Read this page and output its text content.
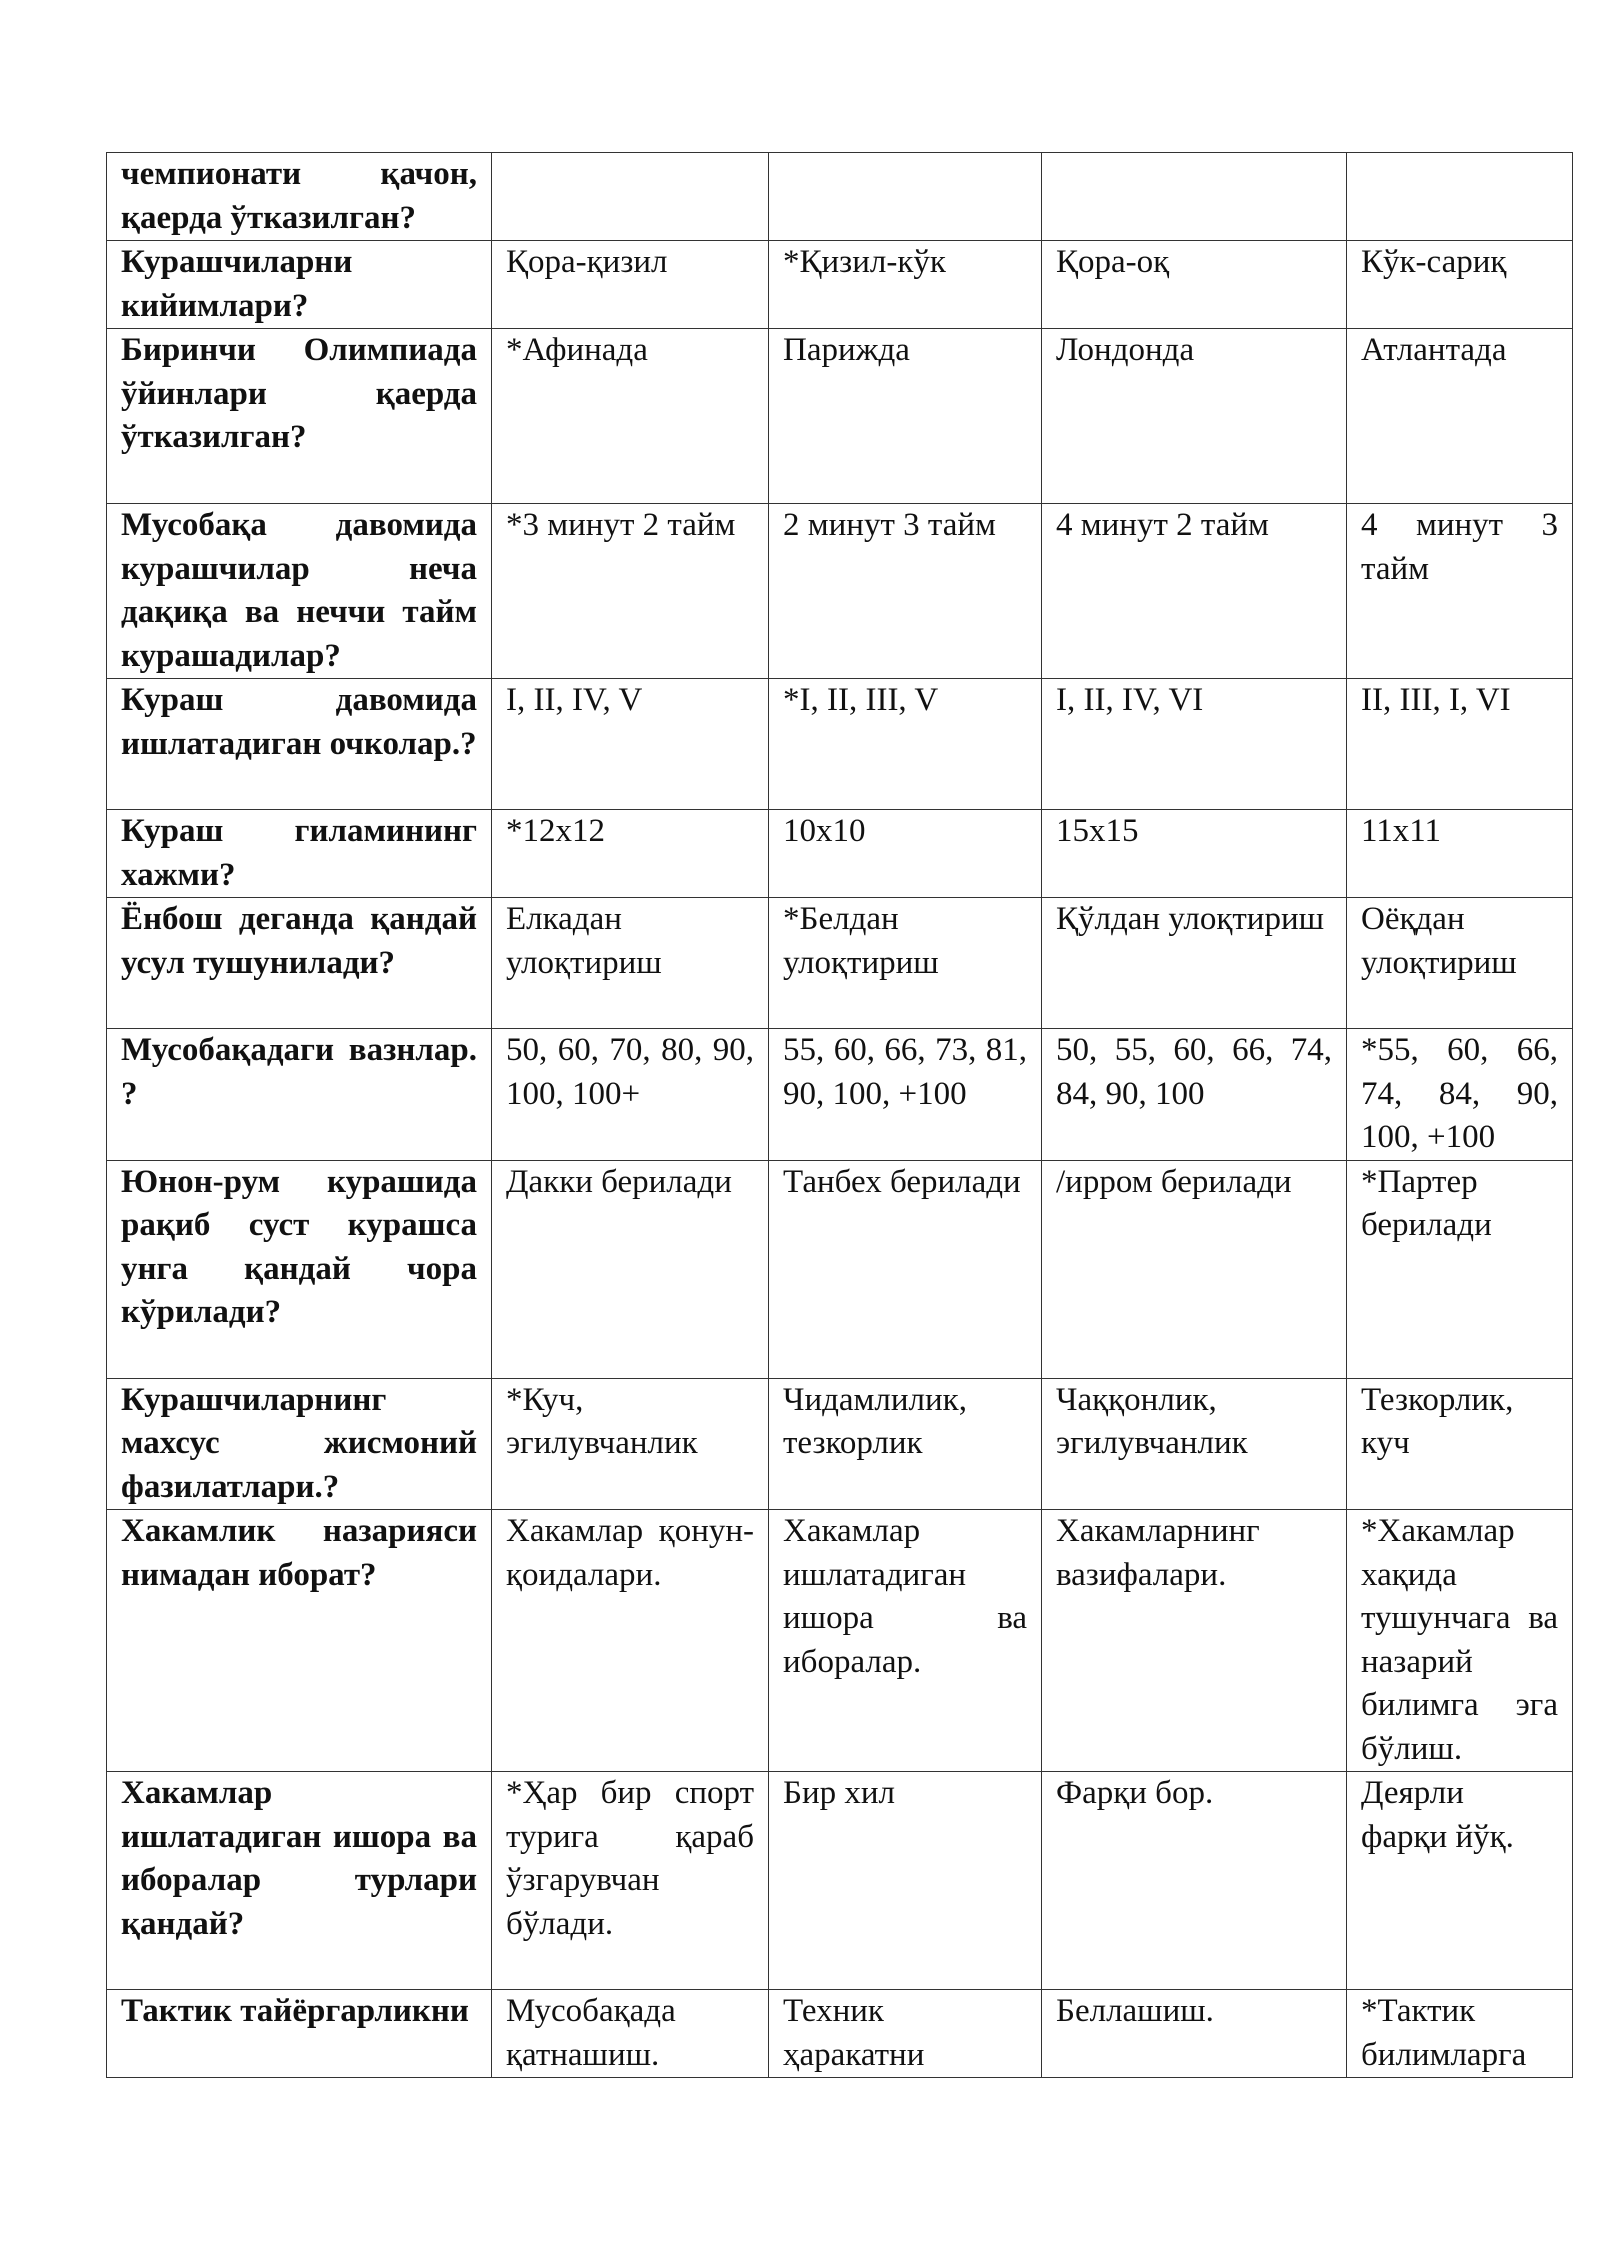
чемпионати қачон, қаерда ўтказилган?				
Курашчиларни кийимлари?	Қора-қизил	*Қизил-кўк	Қора-оқ	Кўк-сариқ
Биринчи Олимпиада ўйинлари қаерда ўтказилган?	*Афинада	Парижда	Лондонда	Атлантада
Мусобақа давомида курашчилар неча дақиқа ва неччи тайм курашадилар?	*3 минут 2 тайм	2 минут 3 тайм	4 минут 2 тайм	4 минут 3 тайм
Кураш давомида ишлатадиган очколар.?	I, II, IV, V	*I, II, III, V	I, II, IV, VI	II, III, I, VI
Кураш гиламининг хажми?	*12х12	10х10	15х15	11х11
Ёнбош деганда қандай усул тушунилади?	Елкадан улоқтириш	*Белдан улоқтириш	Қўлдан улоқтириш	Оёқдан улоқтириш
Мусобақадаги вазнлар. ?	50, 60, 70, 80, 90, 100, 100+	55, 60, 66, 73, 81, 90, 100, +100	50, 55, 60, 66, 74, 84, 90, 100	*55, 60, 66, 74, 84, 90, 100, +100
Юнон-рум курашида рақиб суст курашса унга қандай чора кўрилади?	Дакки берилади	Танбех берилади	/ирром берилади	*Партер берилади
Курашчиларнинг махсус жисмоний фазилатлари.?	*Куч, эгилувчанлик	Чидамлилик, тезкорлик	Чаққонлик, эгилувчанлик	Тезкорлик, куч
Хакамлик назарияси нимадан иборат?	Хакамлар қонун-қоидалари.	Хакамлар ишлатадиган ишора ва иборалар.	Хакамларнинг вазифалари.	*Хакамлар хақида тушунчага ва назарий билимга эга бўлиш.
Хакамлар ишлатадиган ишора ва иборалар турлари қандай?	*Ҳар бир спорт турига қараб ўзгарувчан бўлади.	Бир хил	Фарқи бор.	Деярли фарқи йўқ.
Тактик тайёргарликни	Мусобақада қатнашиш.	Техник ҳаракатни	Беллашиш.	*Тактик билимларга
